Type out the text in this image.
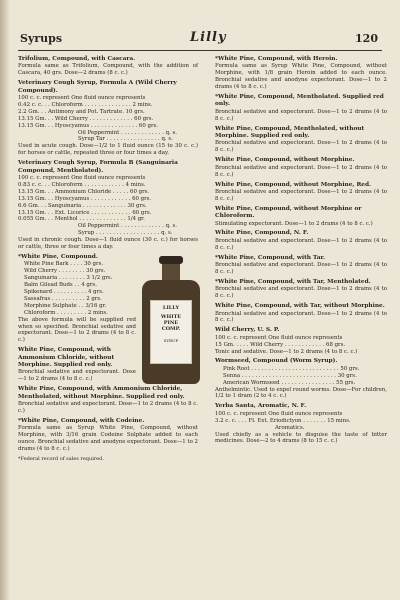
Syrups	Lilly	120
Trifolium, Compound, with Cascara.
Formula same as Trifolium, Compound, with the addition of Cascara, 40 grs. Dose—2 drams (8 c. c.)
Veterinary Cough Syrup, Formula A (Wild Cherry Compound).
100 c. c. represent One fluid ounce represents
0.42 c. c. . . Chloroform . . . . . . . . . . . . . . 2 mins.
2.2 Gm. . . Antimony and Pot. Tartrate. 10 grs.
13.15 Gm. . . Wild Cherry . . . . . . . . . . . . . 60 grs.
13.15 Gm. . . Hyoscyamus . . . . . . . . . . . . . . 60 grs.
Oil Peppermint . . . . . . . . . . . . . q. s.
Syrup Tar . . . . . . . . . . . . . . . . q. s.
Used in acute cough. Dose—1/2 to 1 fluid ounce (15 to 30 c. c.) for horses or cattle, repeated three or four times a day.
Veterinary Cough Syrup, Formula B (Sanguinaria Compound, Mentholated).
100 c. c. represent One fluid ounce represents
0.83 c. c. . . Chloroform . . . . . . . . . . . . 4 mins.
13.15 Gm. . . Ammonium Chloride . . . . . 60 grs.
13.15 Gm. . . Hyoscyamus . . . . . . . . . . . . 60 grs.
6.6 Gm. . . Sanguinaria . . . . . . . . . . . . . 30 grs.
13.15 Gm. . . Ext. Licorice . . . . . . . . . . . . 60 grs.
0.055 Gm. . . Menthol . . . . . . . . . . . . . . 1/4 gr.
Oil Peppermint . . . . . . . . . . . . . q. s.
Syrup . . . . . . . . . . . . . . . . . . . q. s.
Used in chronic cough. Dose—1 fluid ounce (30 c. c.) for horses or cattle, three or four times a day.
*White Pine, Compound.
White Pine Bark . . . . 30 grs.
Wild Cherry . . . . . . . . 30 grs.
Sanguinaria . . . . . . . . 3 1/2 grs.
Balm Gilead Buds . . 4 grs.
Spikenard . . . . . . . . . . 4 grs.
Sassafras . . . . . . . . . . 2 grs.
Morphine Sulphate . . 3/16 gr.
Chloroform . . . . . . . . . 2 mins.
The above formula will be supplied red when so specified. Bronchial sedative and expectorant. Dose—1 to 2 drams (4 to 8 c. c.)
White Pine, Compound, with Ammonium Chloride, without Morphine. Supplied red only.
Bronchial sedative and expectorant. Dose—1 to 2 drams (4 to 8 c. c.)
White Pine, Compound, with Ammonium Chloride, Mentholated, without Morphine. Supplied red only.
Bronchial sedative and expectorant. Dose—1 to 2 drams (4 to 8 c. c.)
*White Pine, Compound, with Codeine.
Formula same as Syrup White Pine, Compound, without Morphine, with 3/16 grain Codeine Sulphate added to each ounce. Bronchial sedative and anodyne expectorant. Dose—1 to 2 drams (4 to 8 c. c.)
*Federal record of sales required.
LILLY
WHITE PINE COMP.
SYRUP
*White Pine, Compound, with Heroin.
Formula same as Syrup White Pine, Compound, without Morphine, with 1/8 grain Heroin added to each ounce. Bronchial sedative and anodyne expectorant. Dose—1 to 2 drams (4 to 8 c. c.)
*White Pine, Compound, Mentholated. Supplied red only.
Bronchial sedative and expectorant. Dose—1 to 2 drams (4 to 8 c. c.)
White Pine, Compound, Mentholated, without Morphine. Supplied red only.
Bronchial sedative and expectorant. Dose—1 to 2 drams (4 to 8 c. c.)
White Pine, Compound, without Morphine.
Bronchial sedative and expectorant. Dose—1 to 2 drams (4 to 8 c. c.)
White Pine, Compound, without Morphine, Red.
Bronchial sedative and expectorant. Dose—1 to 2 drams (4 to 8 c. c.)
White Pine, Compound, without Morphine or Chloroform.
Stimulating expectorant. Dose—1 to 2 drams (4 to 8 c. c.)
White Pine, Compound, N. F.
Bronchial sedative and expectorant. Dose—1 to 2 drams (4 to 8 c. c.)
*White Pine, Compound, with Tar.
Bronchial sedative and expectorant. Dose—1 to 2 drams (4 to 8 c. c.)
*White Pine, Compound, with Tar, Mentholated.
Bronchial sedative and expectorant. Dose—1 to 2 drams (4 to 8 c. c.)
White Pine, Compound, with Tar, without Morphine.
Bronchial sedative and expectorant. Dose—1 to 2 drams (4 to 8 c. c.)
Wild Cherry, U. S. P.
100 c. c. represent One fluid ounce represents
15 Gm. . . . . Wild Cherry . . . . . . . . . . . . 68 grs.
Tonic and sedative. Dose—1 to 2 drams (4 to 8 c. c.)
Wormseed, Compound (Worm Syrup).
Pink Root . . . . . . . . . . . . . . . . . . . . . . . . . . 50 grs.
Senna . . . . . . . . . . . . . . . . . . . . . . . . . . . . 30 grs.
American Wormseed . . . . . . . . . . . . . . . . 55 grs.
Anthelmintic. Used to expel round worms. Dose—For children, 1/2 to 1 dram (2 to 4 c. c.)
Yerba Santa, Aromatic, N. F.
100 c. c. represent One fluid ounce represents
3.2 c. c. . . . Fl. Ext. Eriodictyon . . . . . . . 15 mins.
Aromatics.
Used chiefly as a vehicle to disguise the taste of bitter medicines. Dose—2 to 4 drams (8 to 15 c. c.)
